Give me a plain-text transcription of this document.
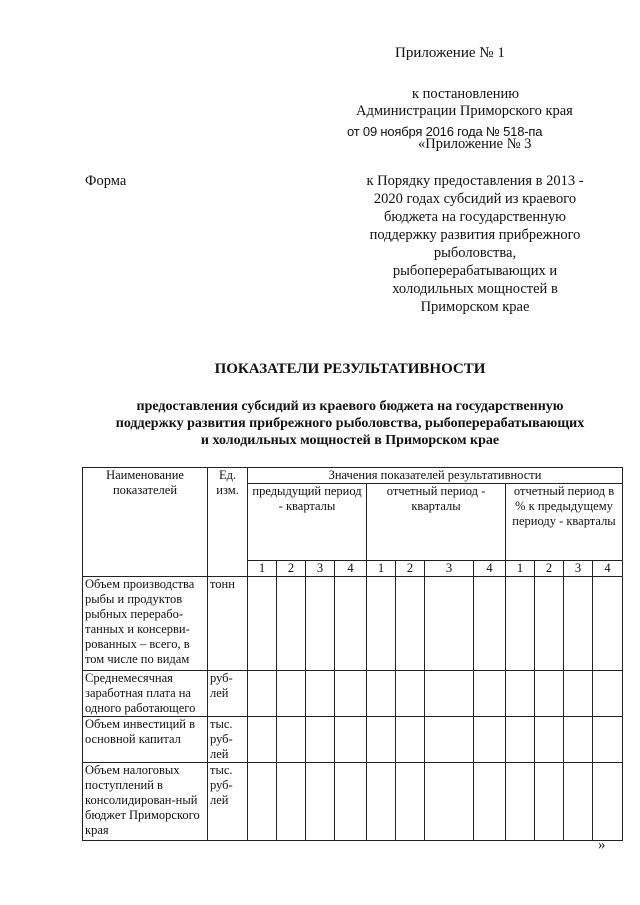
Приложение № 1
к постановлению
Администрации Приморского края
от 09 ноября 2016 года № 518-па
«Приложение № 3
Форма	к Порядку предоставления в 2013 -
2020 годах субсидий из краевого
бюджета на государственную
поддержку развития прибрежного
рыболовства,
рыбоперерабатывающих и
холодильных мощностей в
Приморском крае
ПОКАЗАТЕЛИ РЕЗУЛЬТАТИВНОСТИ
предоставления субсидий из краевого бюджета на государственную
поддержку развития прибрежного рыболовства, рыбоперерабатывающих
и холодильных мощностей в Приморском крае
Наименование показателей	Ед. изм.	Значения показателей результативности											
		предыдущий период - кварталы				отчетный период - кварталы				отчетный период в % к предыдущему периоду - кварталы			
		1	2	3	4	1	2	3	4	1	2	3	4
Объем производства рыбы и продуктов рыбных перерабо-танных и консерви-рованных – всего, в том числе по видам	тонн												
Среднемесячная заработная плата на одного работающего	руб-лей												
Объем инвестиций в основной капитал	тыс. руб-лей												
Объем налоговых поступлений в консолидирован-ный бюджет Приморского края	тыс. руб-лей												
»
